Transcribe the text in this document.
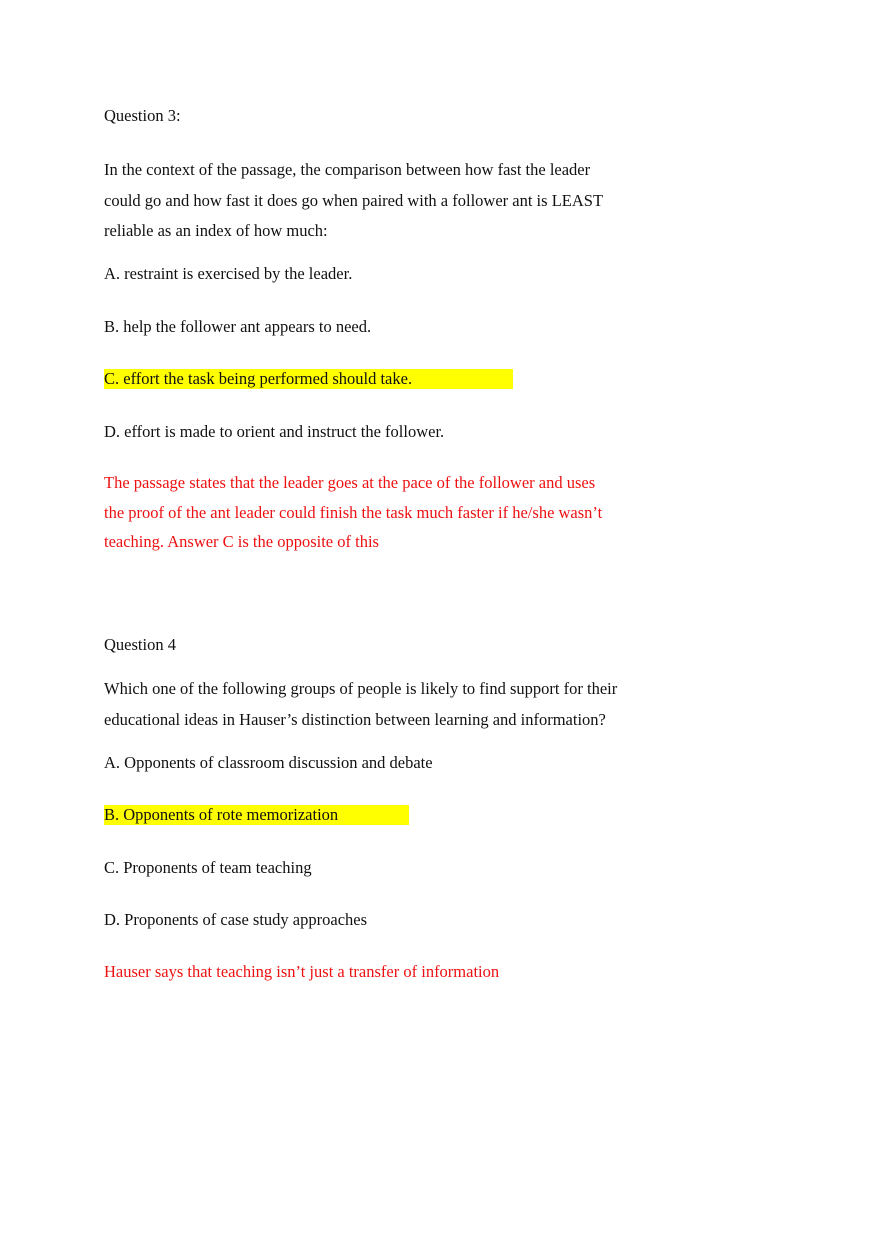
Question 3:
In the context of the passage, the comparison between how fast the leader
could go and how fast it does go when paired with a follower ant is LEAST
reliable as an index of how much:
A. restraint is exercised by the leader.
B. help the follower ant appears to need.
C. effort the task being performed should take.
D. effort is made to orient and instruct the follower.
The passage states that the leader goes at the pace of the follower and uses
the proof of the ant leader could finish the task much faster if he/she wasn’t
teaching. Answer C is the opposite of this
Question 4
Which one of the following groups of people is likely to find support for their
educational ideas in Hauser’s distinction between learning and information?
A. Opponents of classroom discussion and debate
B. Opponents of rote memorization
C. Proponents of team teaching
D. Proponents of case study approaches
Hauser says that teaching isn’t just a transfer of information
